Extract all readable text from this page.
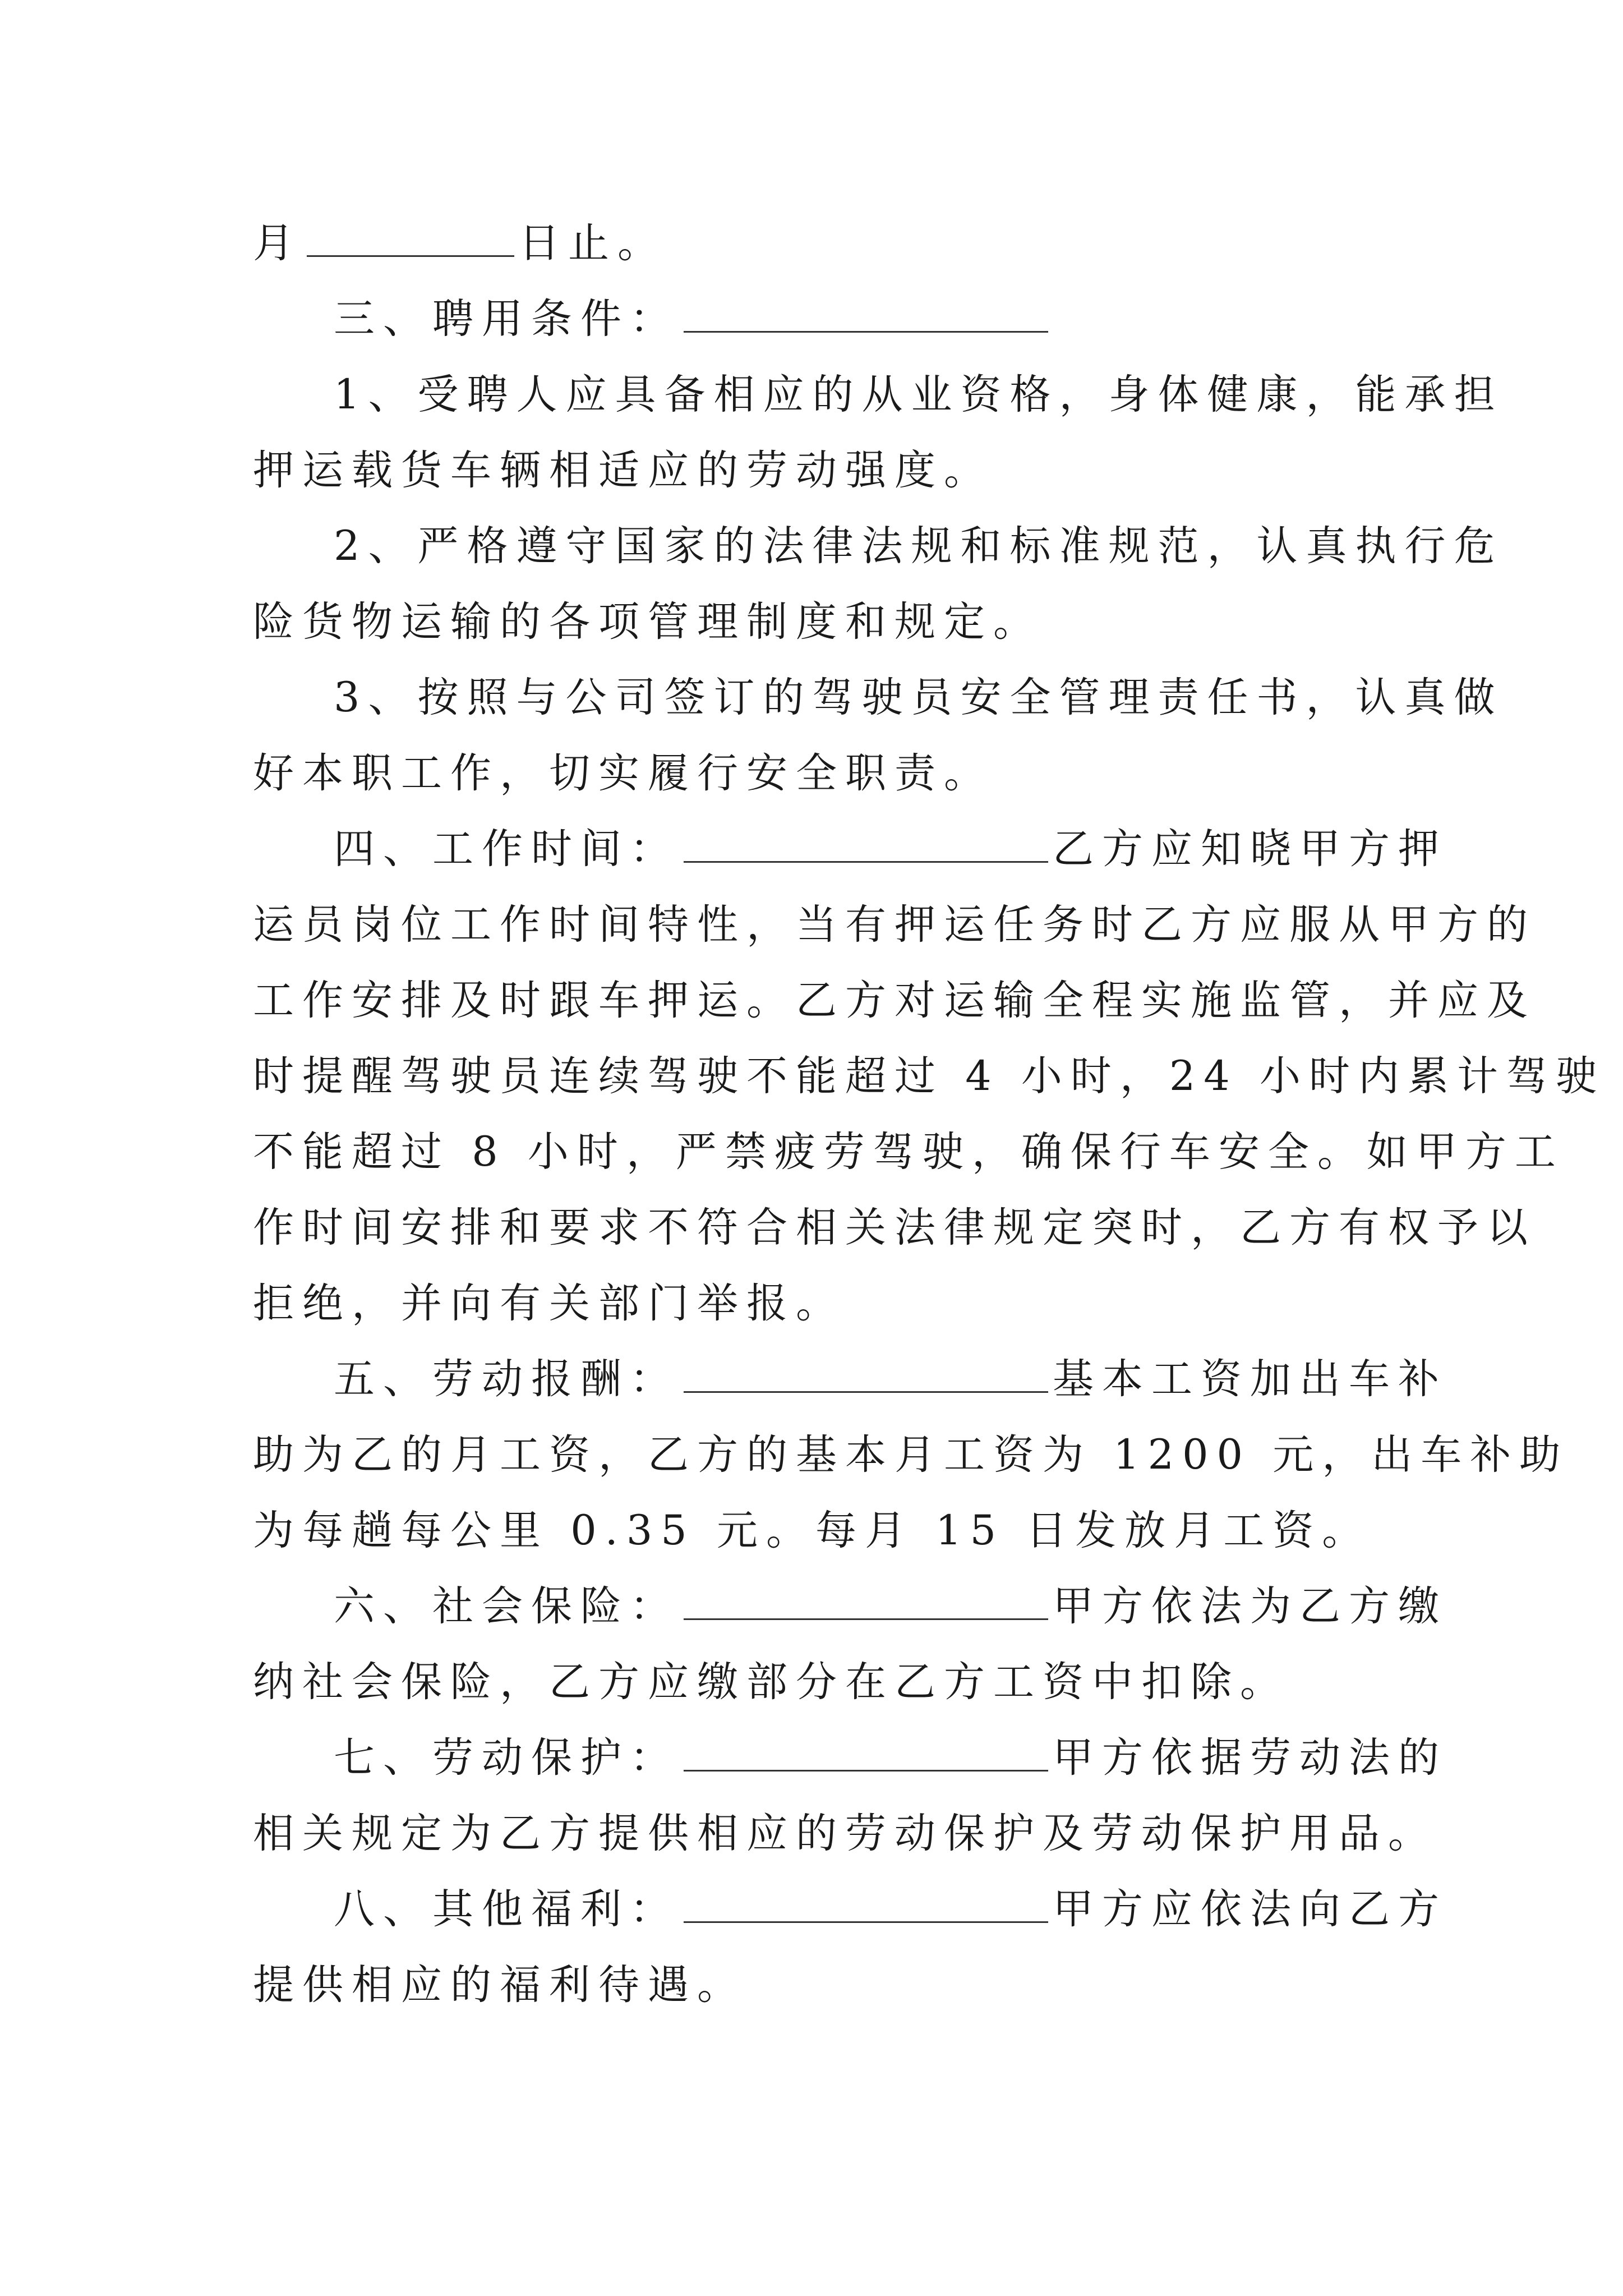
月	日止。
三、聘用条件：
1、受聘人应具备相应的从业资格，身体健康，能承担
押运载货车辆相适应的劳动强度。
2、严格遵守国家的法律法规和标准规范，认真执行危
险货物运输的各项管理制度和规定。
3、按照与公司签订的驾驶员安全管理责任书，认真做
好本职工作，切实履行安全职责。
四、工作时间：	乙方应知晓甲方押
运员岗位工作时间特性，当有押运任务时乙方应服从甲方的
工作安排及时跟车押运。乙方对运输全程实施监管，并应及
时提醒驾驶员连续驾驶不能超过 4 小时，24 小时内累计驾驶
不能超过 8 小时，严禁疲劳驾驶，确保行车安全。如甲方工
作时间安排和要求不符合相关法律规定突时，乙方有权予以
拒绝，并向有关部门举报。
五、劳动报酬：	基本工资加出车补
助为乙的月工资，乙方的基本月工资为 1200 元，出车补助
为每趟每公里 0.35 元。每月 15 日发放月工资。
六、社会保险：	甲方依法为乙方缴
纳社会保险，乙方应缴部分在乙方工资中扣除。
七、劳动保护：	甲方依据劳动法的
相关规定为乙方提供相应的劳动保护及劳动保护用品。
八、其他福利：	甲方应依法向乙方
提供相应的福利待遇。
